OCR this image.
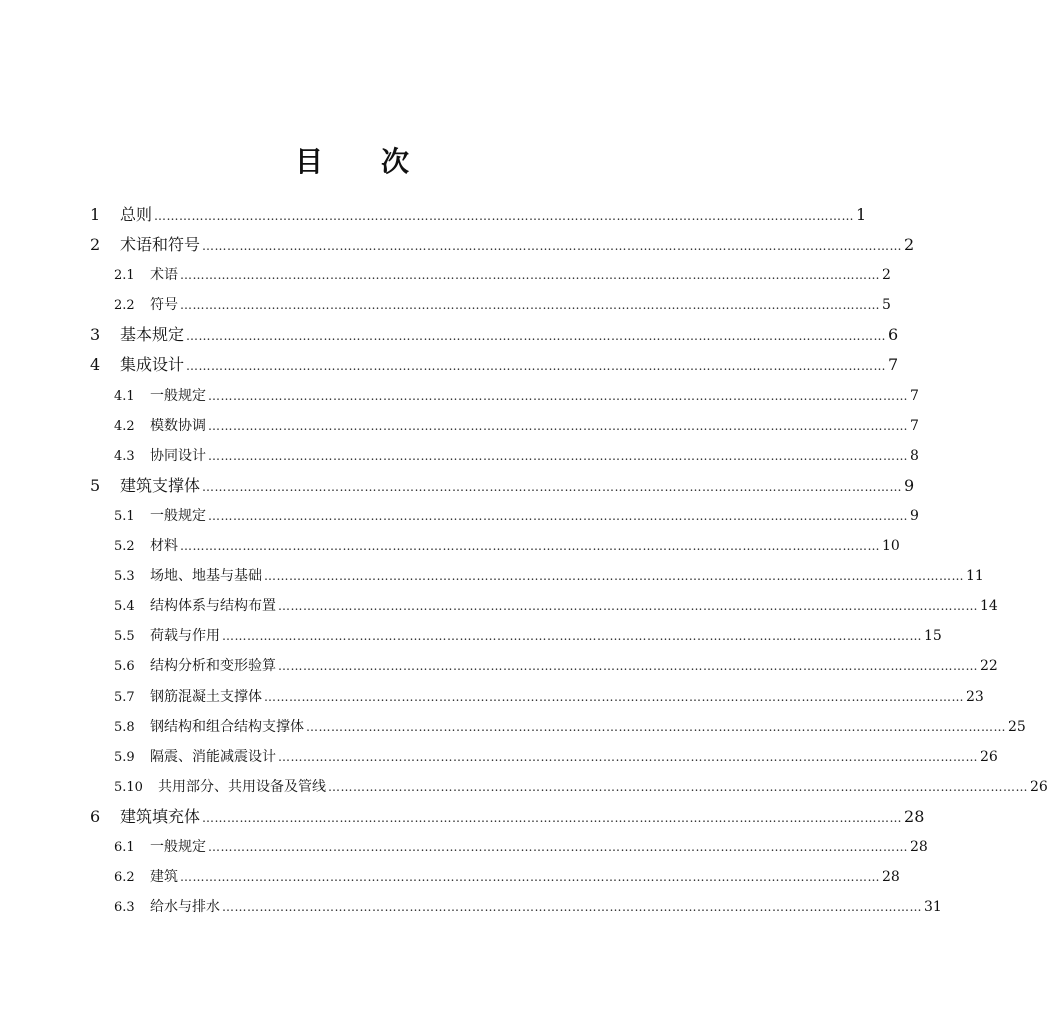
目 次
1	总则 …………………………………………………………………………………………………………………………………………………… 1
2	术语和符号 …………………………………………………………………………………………………………………………………………………… 2
2.1	术语 …………………………………………………………………………………………………………………………………………………… 2
2.2	符号 …………………………………………………………………………………………………………………………………………………… 5
3	基本规定 …………………………………………………………………………………………………………………………………………………… 6
4	集成设计 …………………………………………………………………………………………………………………………………………………… 7
4.1	一般规定 …………………………………………………………………………………………………………………………………………………… 7
4.2	模数协调 …………………………………………………………………………………………………………………………………………………… 7
4.3	协同设计 …………………………………………………………………………………………………………………………………………………… 8
5	建筑支撑体 …………………………………………………………………………………………………………………………………………………… 9
5.1	一般规定 …………………………………………………………………………………………………………………………………………………… 9
5.2	材料 …………………………………………………………………………………………………………………………………………………… 10
5.3	场地、地基与基础 …………………………………………………………………………………………………………………………………………………… 11
5.4	结构体系与结构布置 …………………………………………………………………………………………………………………………………………………… 14
5.5	荷载与作用 …………………………………………………………………………………………………………………………………………………… 15
5.6	结构分析和变形验算 …………………………………………………………………………………………………………………………………………………… 22
5.7	钢筋混凝土支撑体 …………………………………………………………………………………………………………………………………………………… 23
5.8	钢结构和组合结构支撑体 …………………………………………………………………………………………………………………………………………………… 25
5.9	隔震、消能减震设计 …………………………………………………………………………………………………………………………………………………… 26
5.10	共用部分、共用设备及管线 …………………………………………………………………………………………………………………………………………………… 26
6	建筑填充体 …………………………………………………………………………………………………………………………………………………… 28
6.1	一般规定 …………………………………………………………………………………………………………………………………………………… 28
6.2	建筑 …………………………………………………………………………………………………………………………………………………… 28
6.3	给水与排水 …………………………………………………………………………………………………………………………………………………… 31
